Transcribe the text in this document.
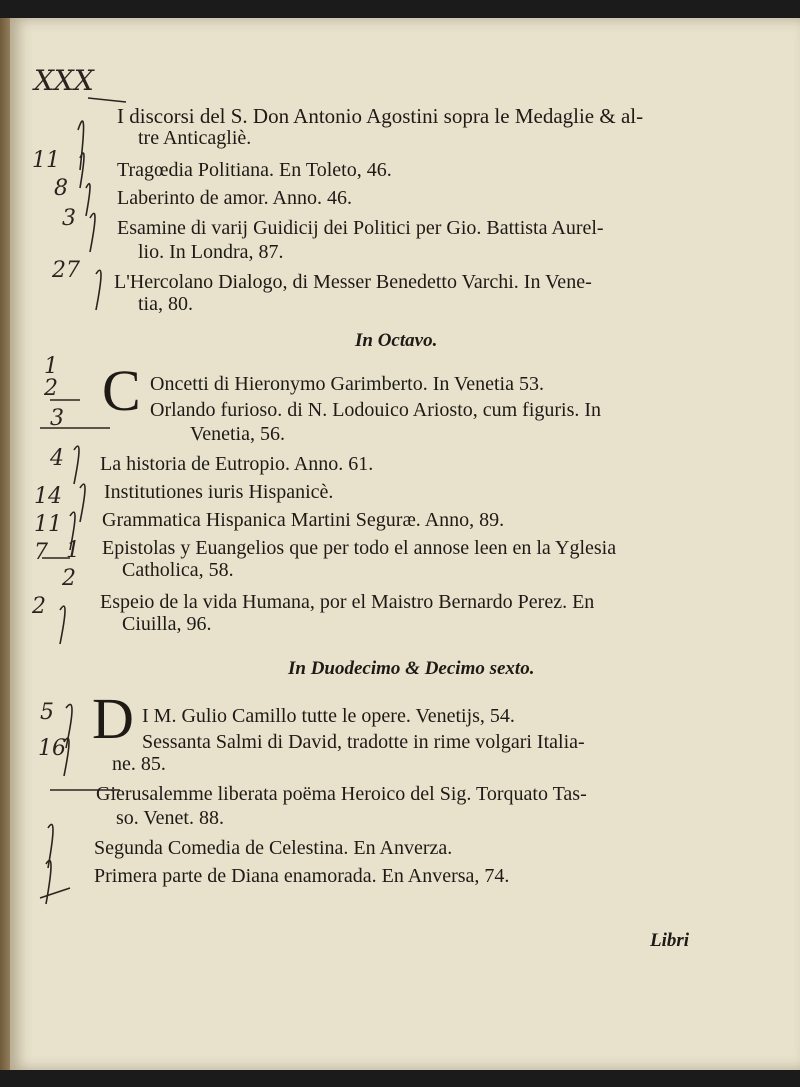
I discorsi del S. Don Antonio Agostini sopra le Medaglie & al-
tre Anticagliè.
Tragœdia Politiana. En Toleto, 46.
Laberinto de amor. Anno. 46.
Esamine di varij Guidicij dei Politici per Gio. Battista Aurel-
lio. In Londra, 87.
L'Hercolano Dialogo, di Messer Benedetto Varchi. In Vene-
tia, 80.
In Octavo.
C Oncetti di Hieronymo Garimberto. In Venetia 53.
Orlando furioso. di N. Lodouico Ariosto, cum figuris. In
Venetia, 56.
La historia de Eutropio. Anno. 61.
Institutiones iuris Hispanicè.
Grammatica Hispanica Martini Seguræ. Anno, 89.
Epistolas y Euangelios que per todo el annose leen en la Yglesia
Catholica, 58.
Espeio de la vida Humana, por el Maistro Bernardo Perez. En
Ciuilla, 96.
In Duodecimo & Decimo sexto.
D I M. Gulio Camillo tutte le opere. Venetijs, 54.
Sessanta Salmi di David, tradotte in rime volgari Italia-
ne. 85.
Gierusalemme liberata poëma Heroico del Sig. Torquato Tas-
so. Venet. 88.
Segunda Comedia de Celestina. En Anverza.
Primera parte de Diana enamorada. En Anversa, 74.
Libri
XXX
11
8
3
27
1
2
3
4
14
11
7 1
2
2
5
16
